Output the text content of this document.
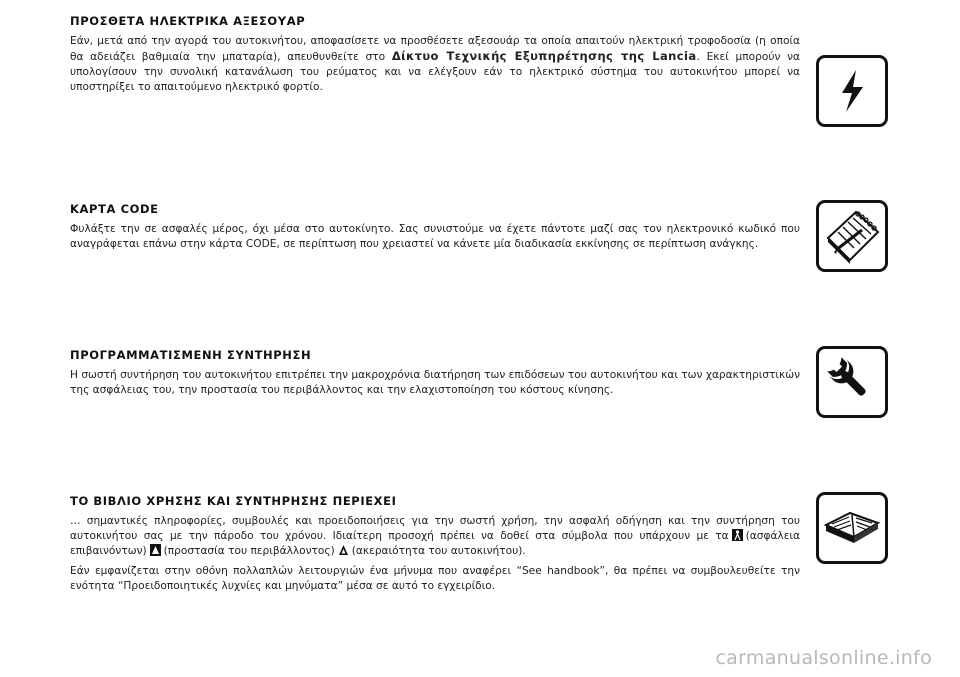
ΠΡΟΣΘΕΤΑ ΗΛΕΚΤΡΙΚΑ ΑΞΕΣΟΥΑΡ

Εάν, μετά από την αγορά του αυτοκινήτου, αποφασίσετε να προσθέσετε αξεσουάρ τα οποία απαιτούν ηλεκτρική τροφοδοσία (η οποία θα αδειάζει βαθμιαία την μπαταρία), απευθυνθείτε στο Δίκτυο Τεχνικής Εξυπηρέτησης της Lancia. Εκεί μπορούν να υπολογίσουν την συνολική κατανάλωση του ρεύματος και να ελέγξουν εάν το ηλεκτρικό σύστημα του αυτοκινήτου μπορεί να υποστηρίξει το απαιτούμενο ηλεκτρικό φορτίο.

ΚΑΡΤΑ CODE

Φυλάξτε την σε ασφαλές μέρος, όχι μέσα στο αυτοκίνητο. Σας συνιστούμε να έχετε πάντοτε μαζί σας τον ηλεκτρονικό κωδικό που αναγράφεται επάνω στην κάρτα CODE, σε περίπτωση που χρειαστεί να κάνετε μία διαδικασία εκκίνησης σε περίπτωση ανάγκης.

ΠΡΟΓΡΑΜΜΑΤΙΣΜΕΝΗ ΣΥΝΤΗΡΗΣΗ

Η σωστή συντήρηση του αυτοκινήτου επιτρέπει την μακροχρόνια διατήρηση των επιδόσεων του αυτοκινήτου και των χαρακτηριστικών της ασφάλειας του, την προστασία του περιβάλλοντος και την ελαχιστοποίηση του κόστους κίνησης.

ΤΟ ΒΙΒΛΙΟ ΧΡΗΣΗΣ ΚΑΙ ΣΥΝΤΗΡΗΣΗΣ ΠΕΡΙΕΧΕΙ

… σημαντικές πληροφορίες, συμβουλές και προειδοποιήσεις για την σωστή χρήση, την ασφαλή οδήγηση και την συντήρηση του αυτοκινήτου σας με την πάροδο του χρόνου. Ιδιαίτερη προσοχή πρέπει να δοθεί στα σύμβολα που υπάρχουν με τα (ασφάλεια επιβαινόντων) (προστασία του περιβάλλοντος) (ακεραιότητα του αυτοκινήτου).

Εάν εμφανίζεται στην οθόνη πολλαπλών λειτουργιών ένα μήνυμα που αναφέρει “See handbook”, θα πρέπει να συμβουλευθείτε την ενότητα “Προειδοποιητικές λυχνίες και μηνύματα” μέσα σε αυτό το εγχειρίδιο.

carmanualsonline.info
